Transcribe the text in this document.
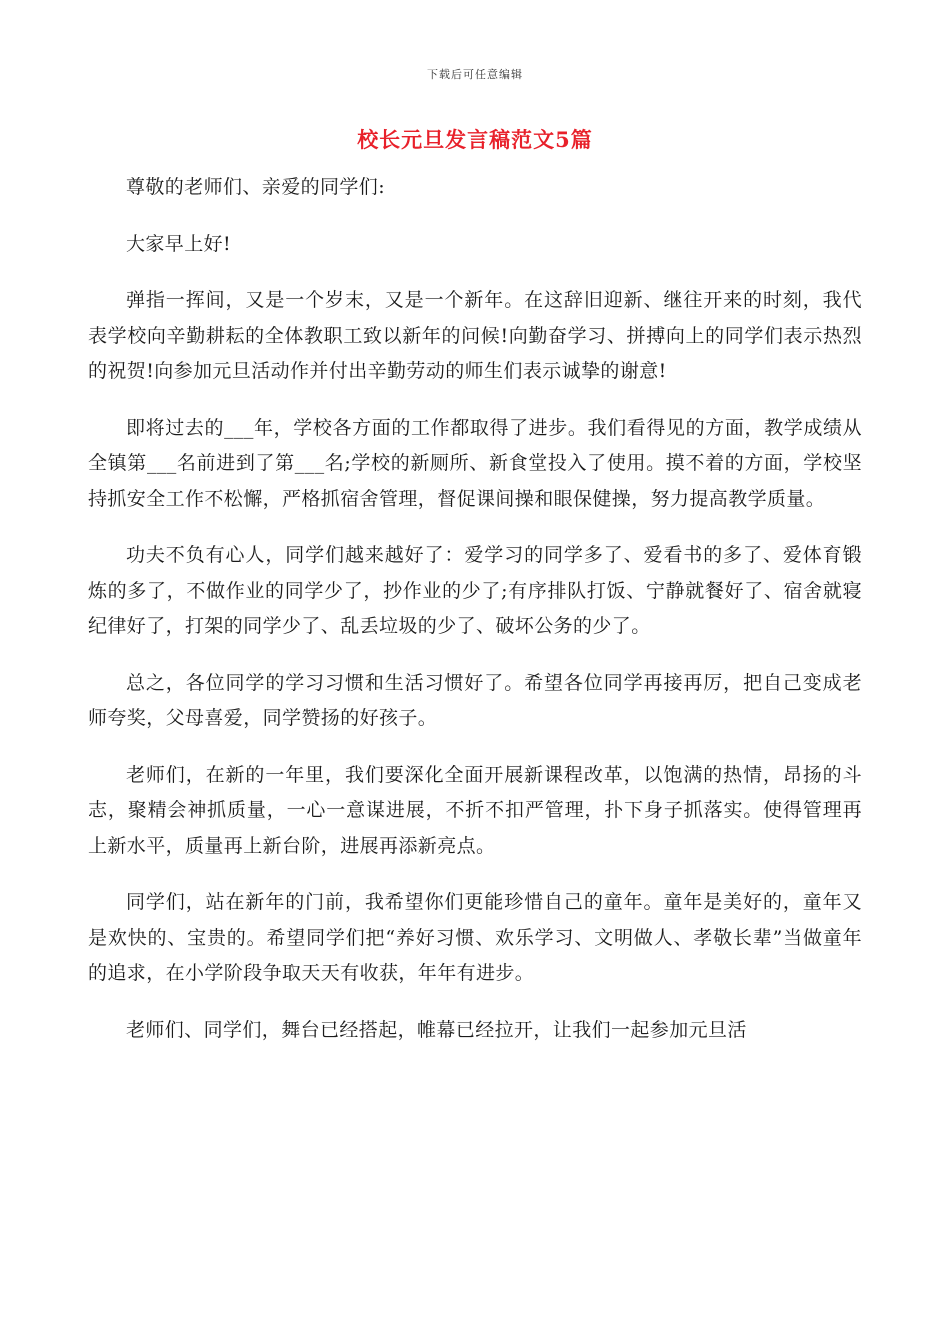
下载后可任意编辑
校长元旦发言稿范文5篇

尊敬的老师们、亲爱的同学们:

大家早上好!

弹指一挥间，又是一个岁末，又是一个新年。在这辞旧迎新、继往开来的时刻，我代表学校向辛勤耕耘的全体教职工致以新年的问候!向勤奋学习、拼搏向上的同学们表示热烈的祝贺!向参加元旦活动作并付出辛勤劳动的师生们表示诚挚的谢意!

即将过去的___年，学校各方面的工作都取得了进步。我们看得见的方面，教学成绩从全镇第___名前进到了第___名;学校的新厕所、新食堂投入了使用。摸不着的方面，学校坚持抓安全工作不松懈，严格抓宿舍管理，督促课间操和眼保健操，努力提高教学质量。

功夫不负有心人，同学们越来越好了：爱学习的同学多了、爱看书的多了、爱体育锻炼的多了，不做作业的同学少了，抄作业的少了;有序排队打饭、宁静就餐好了、宿舍就寝纪律好了，打架的同学少了、乱丢垃圾的少了、破坏公务的少了。

总之，各位同学的学习习惯和生活习惯好了。希望各位同学再接再厉，把自己变成老师夸奖，父母喜爱，同学赞扬的好孩子。

老师们，在新的一年里，我们要深化全面开展新课程改革，以饱满的热情，昂扬的斗志，聚精会神抓质量，一心一意谋进展，不折不扣严管理，扑下身子抓落实。使得管理再上新水平，质量再上新台阶，进展再添新亮点。

同学们，站在新年的门前，我希望你们更能珍惜自己的童年。童年是美好的，童年又是欢快的、宝贵的。希望同学们把“养好习惯、欢乐学习、文明做人、孝敬长辈”当做童年的追求，在小学阶段争取天天有收获，年年有进步。

老师们、同学们，舞台已经搭起，帷幕已经拉开，让我们一起参加元旦活
